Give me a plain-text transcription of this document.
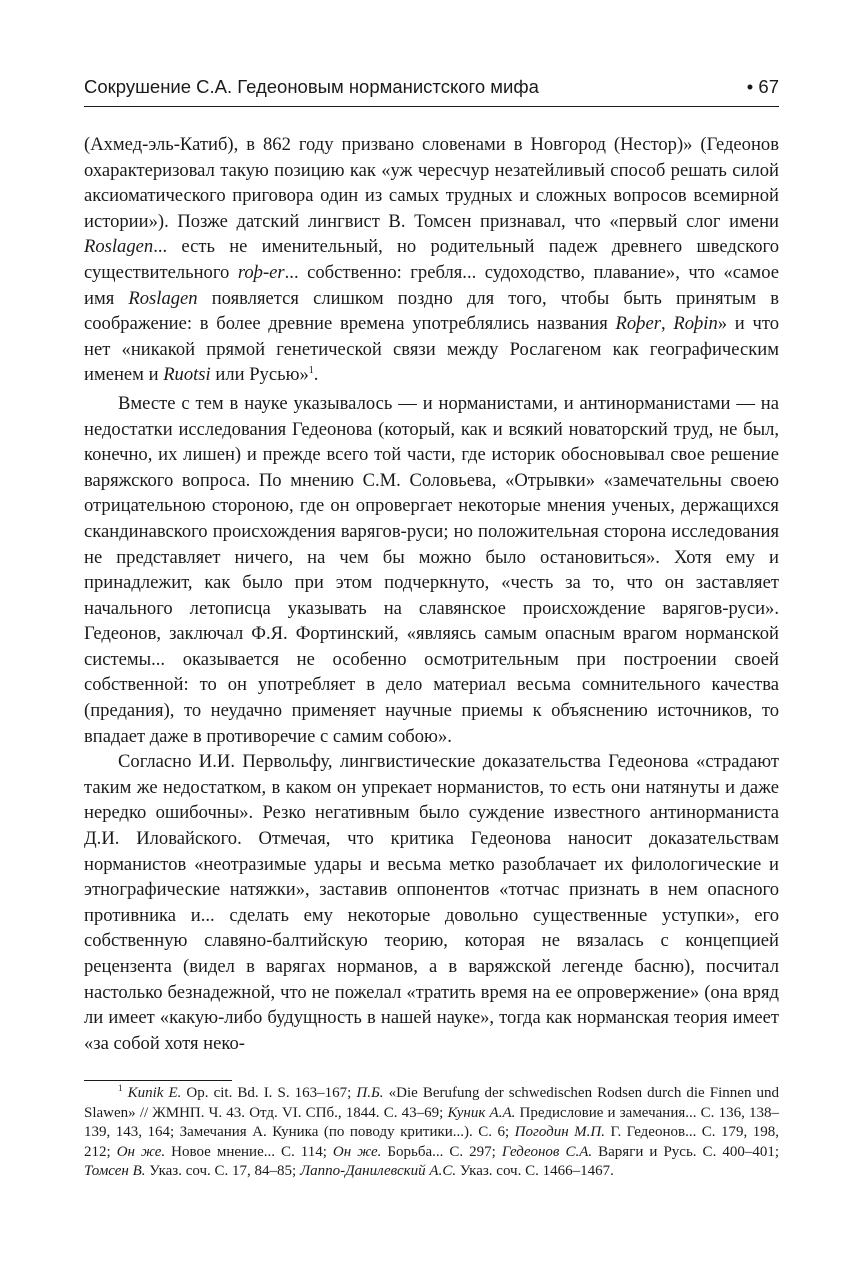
Сокрушение С.А. Гедеоновым норманистского мифа	• 67

(Ахмед-эль-Катиб), в 862 году призвано словенами в Новгород (Нестор)» (Гедеонов охарактеризовал такую позицию как «уж чересчур незатейливый способ решать силой аксиоматического приговора один из самых трудных и сложных вопросов всемирной истории»). Позже датский лингвист В. Томсен признавал, что «первый слог имени Roslagen... есть не именительный, но родительный падеж древнего шведского существительного roþ-er... собственно: гребля... судоходство, плавание», что «самое имя Roslagen появляется слишком поздно для того, чтобы быть принятым в соображение: в более древние времена употреблялись названия Roþer, Roþin» и что нет «никакой прямой генетической связи между Рослагеном как географическим именем и Ruotsi или Русью»$^1$.

Вместе с тем в науке указывалось — и норманистами, и антинорманистами — на недостатки исследования Гедеонова (который, как и всякий новаторский труд, не был, конечно, их лишен) и прежде всего той части, где историк обосновывал свое решение варяжского вопроса. По мнению С.М. Соловьева, «Отрывки» «замечательны своею отрицательною стороною, где он опровергает некоторые мнения ученых, держащихся скандинавского происхождения варягов-руси; но положительная сторона исследования не представляет ничего, на чем бы можно было остановиться». Хотя ему и принадлежит, как было при этом подчеркнуто, «честь за то, что он заставляет начального летописца указывать на славянское происхождение варягов-руси». Гедеонов, заключал Ф.Я. Фортинский, «являясь самым опасным врагом норманской системы... оказывается не особенно осмотрительным при построении своей собственной: то он употребляет в дело материал весьма сомнительного качества (предания), то неудачно применяет научные приемы к объяснению источников, то впадает даже в противоречие с самим собою».

Согласно И.И. Первольфу, лингвистические доказательства Гедеонова «страдают таким же недостатком, в каком он упрекает норманистов, то есть они натянуты и даже нередко ошибочны». Резко негативным было суждение известного антинорманиста Д.И. Иловайского. Отмечая, что критика Гедеонова наносит доказательствам норманистов «неотразимые удары и весьма метко разоблачает их филологические и этнографические натяжки», заставив оппонентов «тотчас признать в нем опасного противника и... сделать ему некоторые довольно существенные уступки», его собственную славяно-балтийскую теорию, которая не вязалась с концепцией рецензента (видел в варягах норманов, а в варяжской легенде басню), посчитал настолько безнадежной, что не пожелал «тратить время на ее опровержение» (она вряд ли имеет «какую-либо будущность в нашей науке», тогда как норманская теория имеет «за собой хотя неко-

$^1$ Kunik E. Op. cit. Bd. I. S. 163–167; П.Б. «Die Berufung der schwedischen Rodsen durch die Finnen und Slawen» // ЖМНП. Ч. 43. Отд. VI. СПб., 1844. С. 43–69; Куник А.А. Предисловие и замечания... С. 136, 138–139, 143, 164; Замечания А. Куника (по поводу критики...). С. 6; Погодин М.П. Г. Гедеонов... С. 179, 198, 212; Он же. Новое мнение... С. 114; Он же. Борьба... С. 297; Гедеонов С.А. Варяги и Русь. С. 400–401; Томсен В. Указ. соч. С. 17, 84–85; Лаппо-Данилевский А.С. Указ. соч. С. 1466–1467.
